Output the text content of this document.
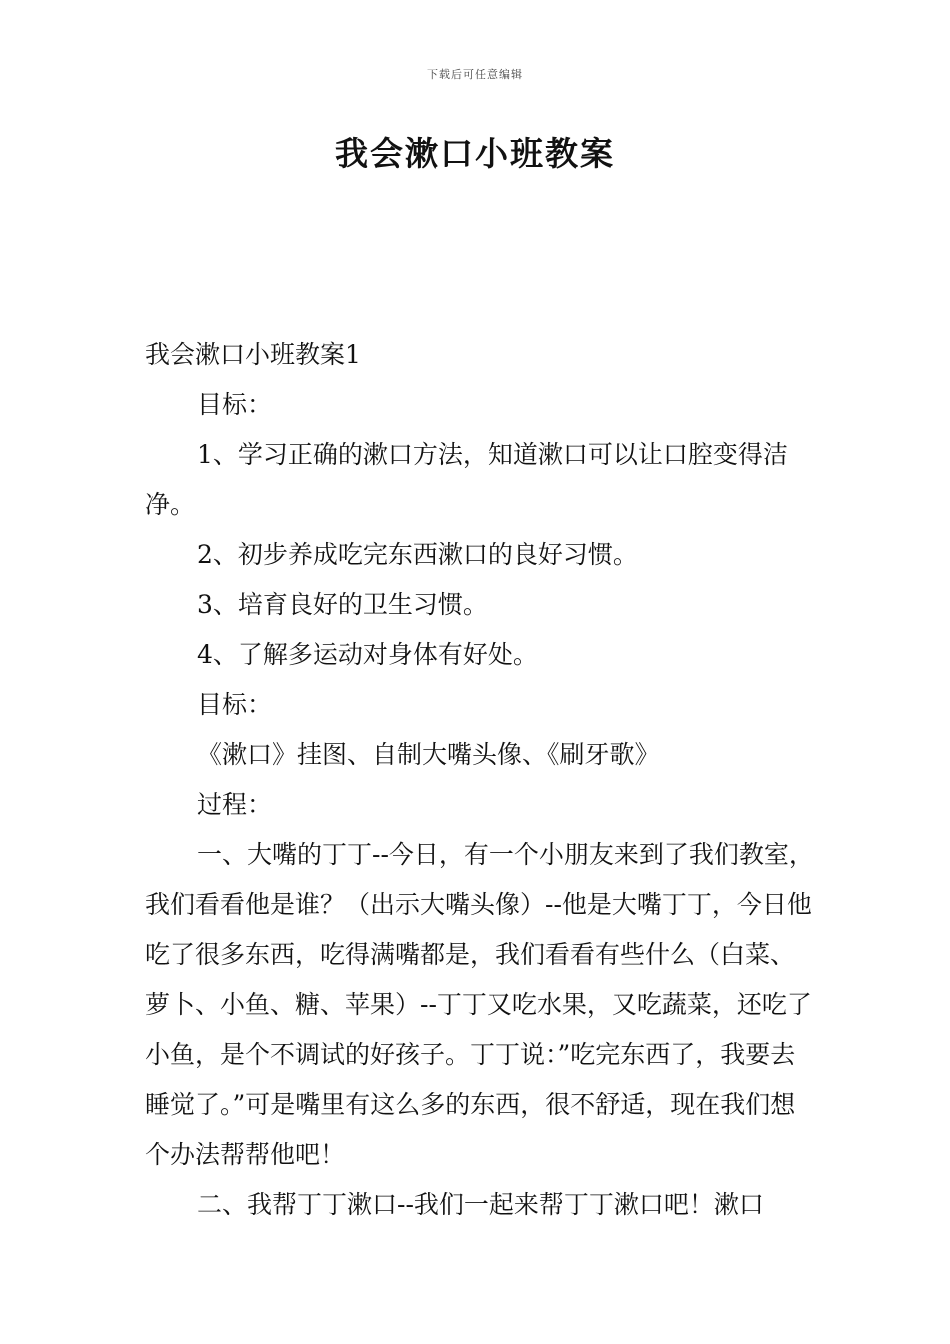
下载后可任意编辑
我会漱口小班教案

我会漱口小班教案1

目标：

1、学习正确的漱口方法，知道漱口可以让口腔变得洁净。

2、初步养成吃完东西漱口的良好习惯。

3、培育良好的卫生习惯。

4、了解多运动对身体有好处。

目标：

《漱口》挂图、自制大嘴头像、《刷牙歌》

过程：

一、大嘴的丁丁--今日，有一个小朋友来到了我们教室，我们看看他是谁？（出示大嘴头像）--他是大嘴丁丁，今日他吃了很多东西，吃得满嘴都是，我们看看有些什么（白菜、萝卜、小鱼、糖、苹果）--丁丁又吃水果，又吃蔬菜，还吃了小鱼，是个不调试的好孩子。丁丁说：”吃完东西了，我要去睡觉了。”可是嘴里有这么多的东西，很不舒适，现在我们想个办法帮帮他吧！

二、我帮丁丁漱口--我们一起来帮丁丁漱口吧！漱口
